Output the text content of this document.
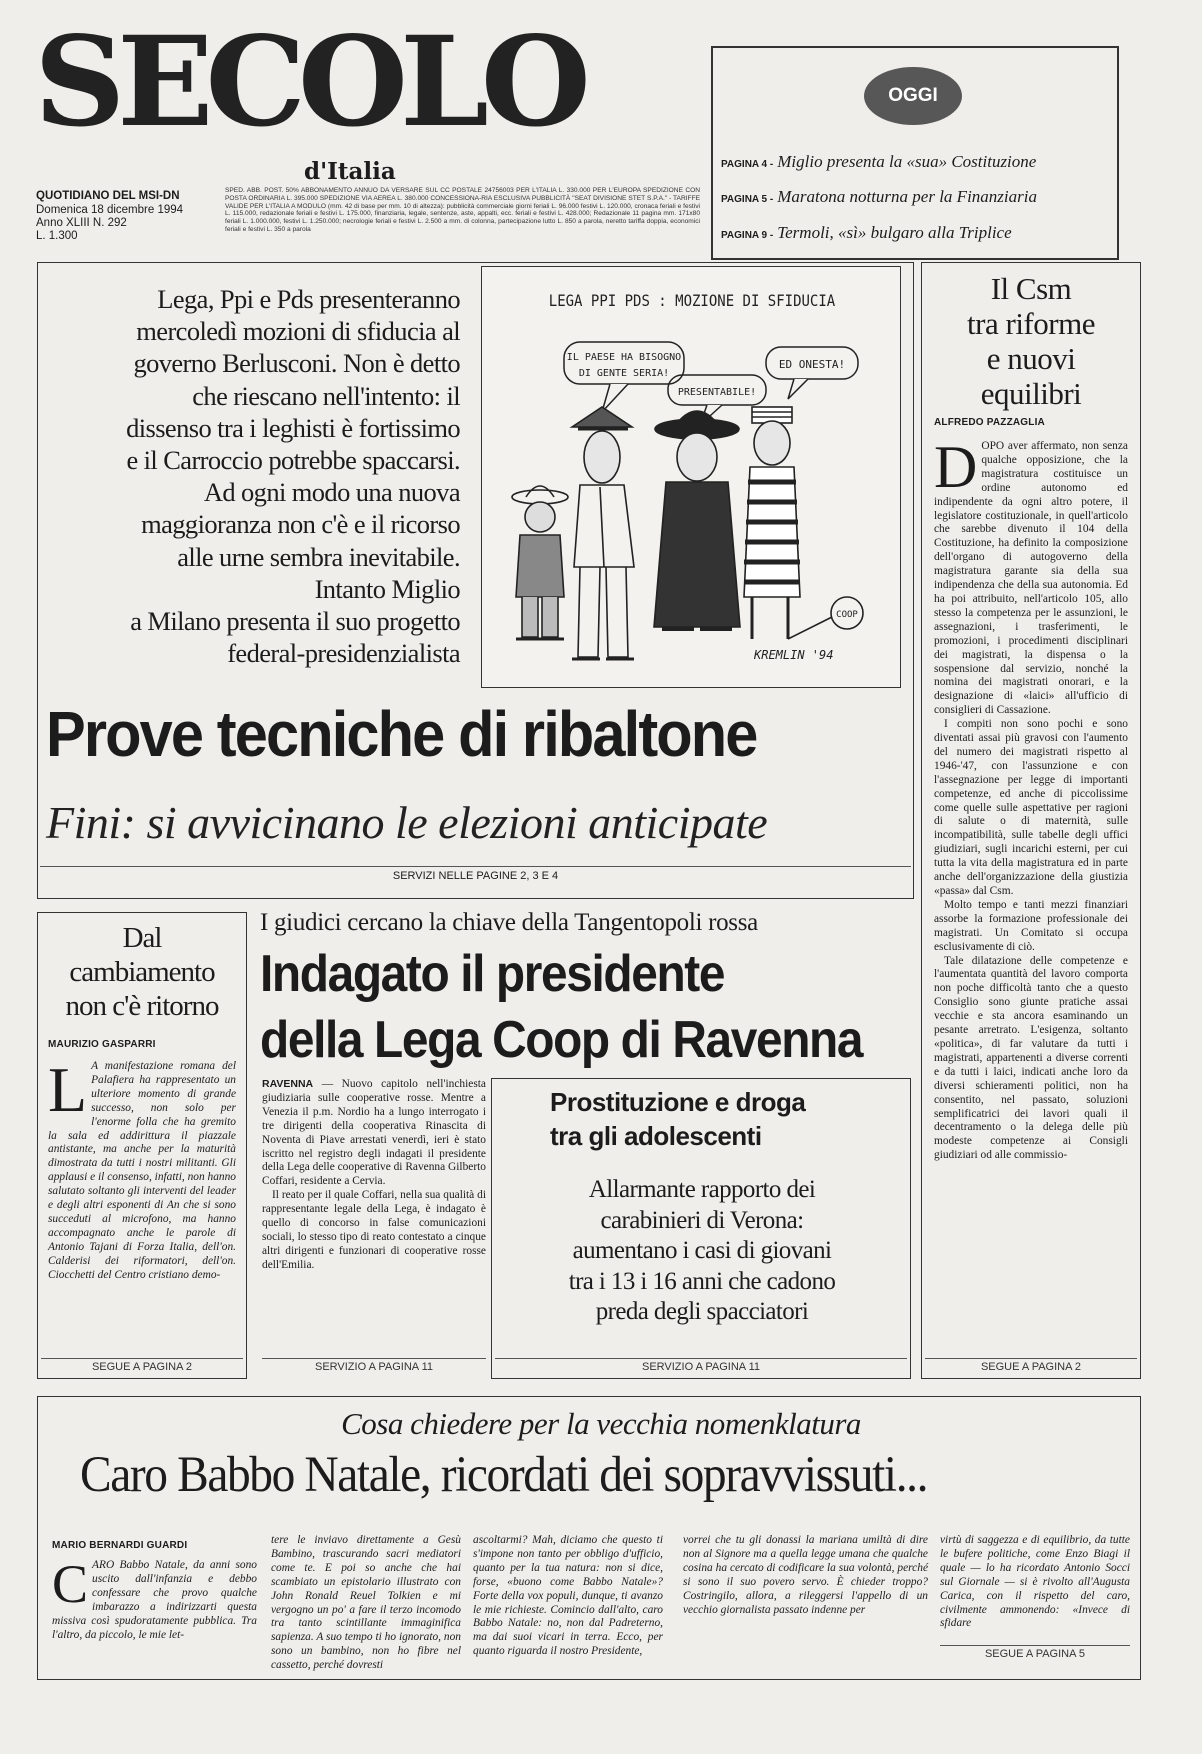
SECOLO
d'Italia
QUOTIDIANO DEL MSI-DN
Domenica 18 dicembre 1994
Anno XLIII N. 292
L. 1.300
SPED. ABB. POST. 50% ABBONAMENTO ANNUO DA VERSARE SUL CC POSTALE 24756003 PER L'ITALIA L. 330.000 PER L'EUROPA SPEDIZIONE CON POSTA ORDINARIA L. 395.000 SPEDIZIONE VIA AEREA L. 380.000 CONCESSIONA-RIA ESCLUSIVA PUBBLICITÀ "SEAT DIVISIONE STET S.P.A." - TARIFFE VALIDE PER L'ITALIA A MODULO (mm. 42 di base per mm. 10 di altezza): pubblicità commerciale giorni feriali L. 96.000 festivi L. 120.000, cronaca feriali e festivi L. 115.000, redazionale feriali e festivi L. 175.000, finanziaria, legale, sentenze, aste, appalti, ecc. feriali e festivi L. 428.000; Redazionale 11 pagina mm. 171x80 feriali L. 1.000.000, festivi L. 1.250.000; necrologie feriali e festivi L. 2.500 a mm. di colonna, partecipazione lutto L. 850 a parola, neretto tariffa doppia, economici feriali e festivi L. 350 a parola
OGGI
PAGINA 4 - Miglio presenta la «sua» Costituzione
PAGINA 5 - Maratona notturna per la Finanziaria
PAGINA 9 - Termoli, «sì» bulgaro alla Triplice
Lega, Ppi e Pds presenteranno
mercoledì mozioni di sfiducia al
governo Berlusconi. Non è detto
che riescano nell'intento: il
dissenso tra i leghisti è fortissimo
e il Carroccio potrebbe spaccarsi.
Ad ogni modo una nuova
maggioranza non c'è e il ricorso
alle urne sembra inevitabile.
Intanto Miglio
a Milano presenta il suo progetto
federal-presidenzialista
LEGA PPI PDS : MOZIONE DI SFIDUCIA
IL PAESE HA BISOGNO
DI GENTE SERIA!
PRESENTABILE!
ED ONESTA!
COOP
KREMLIN '94
Prove tecniche di ribaltone
Fini: si avvicinano le elezioni anticipate
SERVIZI NELLE PAGINE 2, 3 E 4
Il Csm
tra riforme
e nuovi
equilibri
ALFREDO PAZZAGLIA

DOPO aver affermato, non senza qualche opposizione, che la magistratura costituisce un ordine autonomo ed indipendente da ogni altro potere, il legislatore costituzionale, in quell'articolo che sarebbe divenuto il 104 della Costituzione, ha definito la composizione dell'organo di autogoverno della magistratura garante sia della sua indipendenza che della sua autonomia. Ed ha poi attribuito, nell'articolo 105, allo stesso la competenza per le assunzioni, le assegnazioni, i trasferimenti, le promozioni, i procedimenti disciplinari dei magistrati, la dispensa o la sospensione dal servizio, nonché la nomina dei magistrati onorari, e la designazione di «laici» all'ufficio di consiglieri di Cassazione.

I compiti non sono pochi e sono diventati assai più gravosi con l'aumento del numero dei magistrati rispetto al 1946-'47, con l'assunzione e con l'assegnazione per legge di importanti competenze, ed anche di piccolissime come quelle sulle aspettative per ragioni di salute o di maternità, sulle incompatibilità, sulle tabelle degli uffici giudiziari, sugli incarichi esterni, per cui tutta la vita della magistratura ed in parte anche dell'organizzazione della giustizia «passa» dal Csm.

Molto tempo e tanti mezzi finanziari assorbe la formazione professionale dei magistrati. Un Comitato si occupa esclusivamente di ciò.

Tale dilatazione delle competenze e l'aumentata quantità del lavoro comporta non poche difficoltà tanto che a questo Consiglio sono giunte pratiche assai vecchie e sta ancora esaminando un pesante arretrato. L'esigenza, soltanto «politica», di far valutare da tutti i magistrati, appartenenti a diverse correnti e da tutti i laici, indicati anche loro da diversi schieramenti politici, non ha consentito, nel passato, soluzioni semplificatrici dei lavori quali il decentramento o la delega delle più modeste competenze ai Consigli giudiziari od alle commissio-

SEGUE A PAGINA 2
Dal
cambiamento
non c'è ritorno
MAURIZIO GASPARRI

L A manifestazione romana del Palafiera ha rappresentato un ulteriore momento di grande successo, non solo per l'enorme folla che ha gremito la sala ed addirittura il piazzale antistante, ma anche per la maturità dimostrata da tutti i nostri militanti. Gli applausi e il consenso, infatti, non hanno salutato soltanto gli interventi del leader e degli altri esponenti di An che si sono succeduti al microfono, ma hanno accompagnato anche le parole di Antonio Tajani di Forza Italia, dell'on. Calderisi dei riformatori, dell'on. Ciocchetti del Centro cristiano demo-

SEGUE A PAGINA 2
I giudici cercano la chiave della Tangentopoli rossa
Indagato il presidente
della Lega Coop di Ravenna

RAVENNA — Nuovo capitolo nell'inchiesta giudiziaria sulle cooperative rosse. Mentre a Venezia il p.m. Nordio ha a lungo interrogato i tre dirigenti della cooperativa Rinascita di Noventa di Piave arrestati venerdì, ieri è stato iscritto nel registro degli indagati il presidente della Lega delle cooperative di Ravenna Gilberto Coffari, residente a Cervia.

Il reato per il quale Coffari, nella sua qualità di rappresentante legale della Lega, è indagato è quello di concorso in false comunicazioni sociali, lo stesso tipo di reato contestato a cinque altri dirigenti e funzionari di cooperative rosse dell'Emilia.

SERVIZIO A PAGINA 11
Prostituzione e droga
tra gli adolescenti
Allarmante rapporto dei
carabinieri di Verona:
aumentano i casi di giovani
tra i 13 i 16 anni che cadono
preda degli spacciatori
SERVIZIO A PAGINA 11
Cosa chiedere per la vecchia nomenklatura
Caro Babbo Natale, ricordati dei sopravvissuti...
MARIO BERNARDI GUARDI

CARO Babbo Natale, da anni sono uscito dall'infanzia e debbo confessare che provo qualche imbarazzo a indirizzarti questa missiva così spudoratamente pubblica. Tra l'altro, da piccolo, le mie let-

tere le inviavo direttamente a Gesù Bambino, trascurando sacri mediatori come te. E poi so anche che hai scambiato un epistolario illustrato con John Ronald Reuel Tolkien e mi vergogno un po' a fare il terzo incomodo tra tanto scintillante immaginifica sapienza. A suo tempo ti ho ignorato, non sono un bambino, non ho fibre nel cassetto, perché dovresti

ascoltarmi? Mah, diciamo che questo ti s'impone non tanto per obbligo d'ufficio, quanto per la tua natura: non si dice, forse, «buono come Babbo Natale»? Forte della vox populi, dunque, ti avanzo le mie richieste. Comincio dall'alto, caro Babbo Natale: no, non dal Padreterno, ma dai suoi vicari in terra. Ecco, per quanto riguarda il nostro Presidente,

vorrei che tu gli donassi la mariana umiltà di dire non al Signore ma a quella legge umana che qualche cosina ha cercato di codificare la sua volontà, perché si sono il suo povero servo. È chieder troppo? Costringilo, allora, a rileggersi l'appello di un vecchio giornalista passato indenne per

virtù di saggezza e di equilibrio, da tutte le bufere politiche, come Enzo Biagi il quale — lo ha ricordato Antonio Socci sul Giornale — si è rivolto all'Augusta Carica, con il rispetto del caro, civilmente ammonendo: «Invece di sfidare

SEGUE A PAGINA 5
